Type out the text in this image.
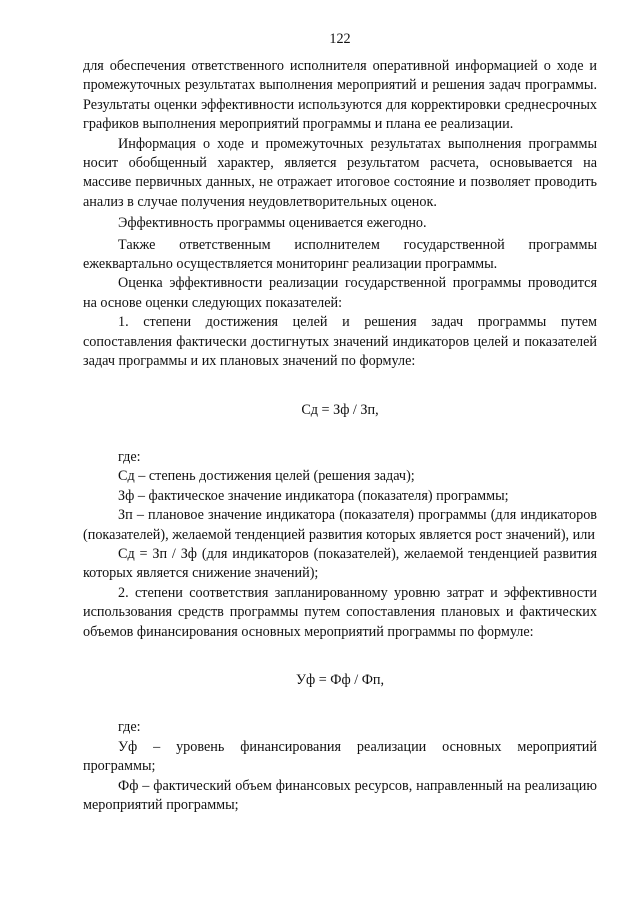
122

для обеспечения ответственного исполнителя оперативной информацией о ходе и промежуточных результатах выполнения мероприятий и решения задач программы. Результаты оценки эффективности используются для корректировки среднесрочных графиков выполнения мероприятий программы и плана ее реализации.

Информация о ходе и промежуточных результатах выполнения программы носит обобщенный характер, является результатом расчета, основывается на массиве первичных данных, не отражает итоговое состояние и позволяет проводить анализ в случае получения неудовлетворительных оценок.

Эффективность программы оценивается ежегодно.

Также ответственным исполнителем государственной программы ежеквартально осуществляется мониторинг реализации программы.

Оценка эффективности реализации государственной программы проводится на основе оценки следующих показателей:

1. степени достижения целей и решения задач программы путем сопоставления фактически достигнутых значений индикаторов целей и показателей задач программы и их плановых значений по формуле:

Сд = Зф / Зп,

где:

Сд – степень достижения целей (решения задач);

Зф – фактическое значение индикатора (показателя) программы;

Зп – плановое значение индикатора (показателя) программы (для индикаторов (показателей), желаемой тенденцией развития которых является рост значений), или

Сд = Зп / Зф (для индикаторов (показателей), желаемой тенденцией развития которых является снижение значений);

2. степени соответствия запланированному уровню затрат и эффективности использования средств программы путем сопоставления плановых и фактических объемов финансирования основных мероприятий программы по формуле:

Уф = Фф / Фп,

где:

Уф – уровень финансирования реализации основных мероприятий программы;

Фф – фактический объем финансовых ресурсов, направленный на реализацию мероприятий программы;
